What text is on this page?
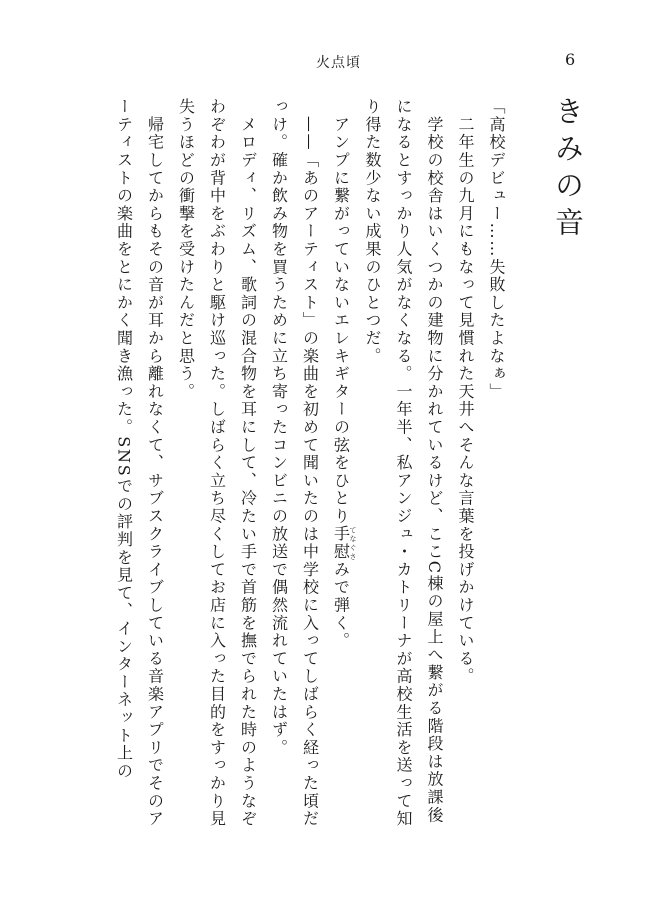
火点頃	6
きみの音

「高校デビュー……失敗したよなぁ」

　二年生の九月にもなって見慣れた天井へそんな言葉を投げかけている。

　学校の校舎はいくつかの建物に分かれているけど、ここC棟の屋上へ繋がる階段は放課後になるとすっかり人気がなくなる。一年半、私アンジュ・カトリーナが高校生活を送って知り得た数少ない成果のひとつだ。

　アンプに繋がっていないエレキギターの弦をひとり手慰てなぐさみで弾く。

　——「あのアーティスト」の楽曲を初めて聞いたのは中学校に入ってしばらく経った頃だっけ。確か飲み物を買うために立ち寄ったコンビニの放送で偶然流れていたはず。

　メロディ、リズム、歌詞の混合物を耳にして、冷たい手で首筋を撫でられた時のようなぞわぞわが背中をぶわりと駆け巡った。しばらく立ち尽くしてお店に入った目的をすっかり見失うほどの衝撃を受けたんだと思う。

　帰宅してからもその音が耳から離れなくて、サブスクライブしている音楽アプリでそのアーティストの楽曲をとにかく聞き漁った。SNSでの評判を見て、インターネット上の
